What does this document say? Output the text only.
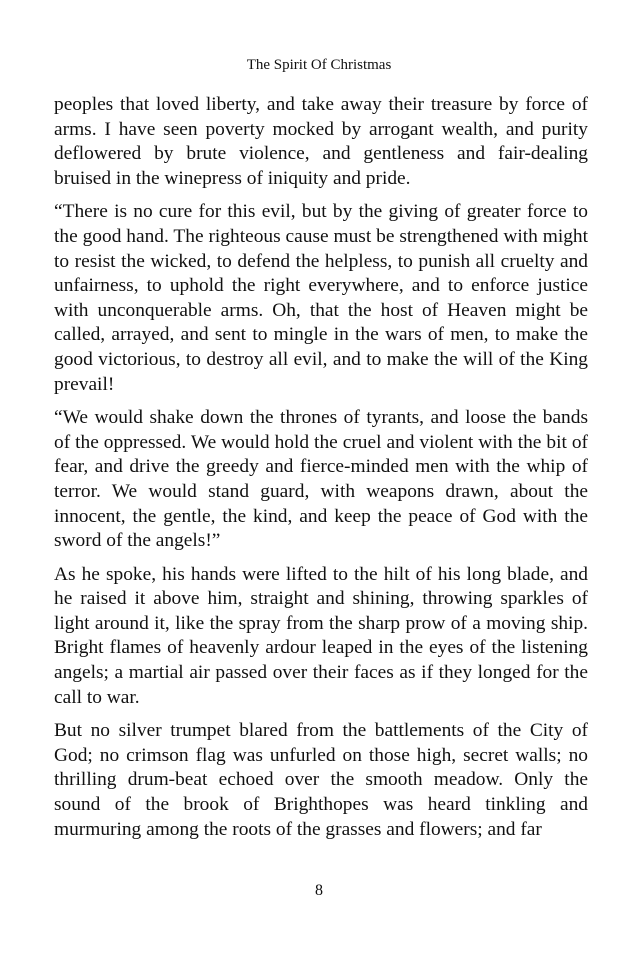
The Spirit Of Christmas

peoples that loved liberty, and take away their treasure by force of arms. I have seen poverty mocked by arrogant wealth, and purity deflowered by brute violence, and gentleness and fair-dealing bruised in the winepress of iniquity and pride.

“There is no cure for this evil, but by the giving of greater force to the good hand. The righteous cause must be strengthened with might to resist the wicked, to defend the helpless, to punish all cruelty and unfairness, to uphold the right everywhere, and to enforce justice with unconquerable arms. Oh, that the host of Heaven might be called, arrayed, and sent to mingle in the wars of men, to make the good victorious, to destroy all evil, and to make the will of the King prevail!

“We would shake down the thrones of tyrants, and loose the bands of the oppressed. We would hold the cruel and violent with the bit of fear, and drive the greedy and fierce-minded men with the whip of terror. We would stand guard, with weapons drawn, about the innocent, the gentle, the kind, and keep the peace of God with the sword of the angels!”

As he spoke, his hands were lifted to the hilt of his long blade, and he raised it above him, straight and shining, throwing sparkles of light around it, like the spray from the sharp prow of a moving ship. Bright flames of heavenly ardour leaped in the eyes of the listening angels; a martial air passed over their faces as if they longed for the call to war.

But no silver trumpet blared from the battlements of the City of God; no crimson flag was unfurled on those high, secret walls; no thrilling drum-beat echoed over the smooth meadow. Only the sound of the brook of Brighthopes was heard tinkling and murmuring among the roots of the grasses and flowers; and far

8
